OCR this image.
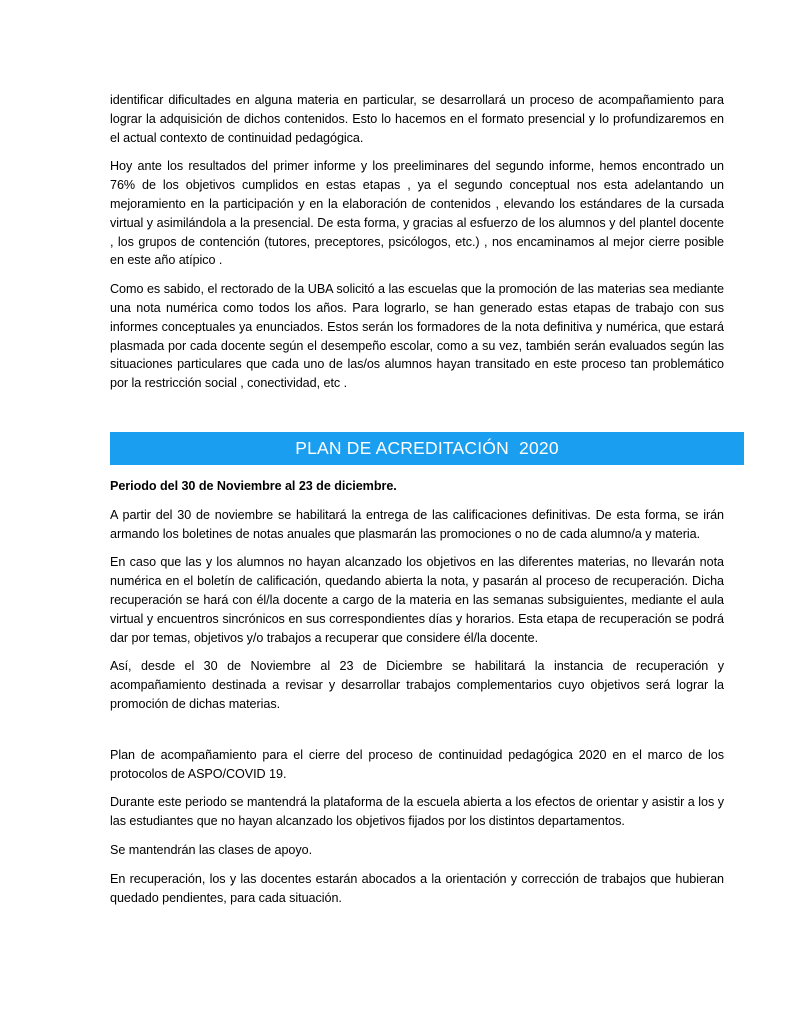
identificar dificultades en alguna materia en particular, se desarrollará un proceso de acompañamiento para lograr la adquisición de dichos contenidos. Esto lo hacemos en el formato presencial y lo profundizaremos en el actual contexto de continuidad pedagógica.

Hoy ante los resultados del primer informe y los preeliminares del segundo informe, hemos encontrado un 76% de los objetivos cumplidos en estas etapas , ya el segundo conceptual nos esta adelantando un mejoramiento en la participación y en la elaboración de contenidos , elevando los estándares de la cursada virtual y asimilándola a la presencial. De esta forma, y gracias al esfuerzo de los alumnos y del plantel docente , los grupos de contención (tutores, preceptores, psicólogos, etc.) , nos encaminamos al mejor cierre posible en este año atípico .

Como es sabido, el rectorado de la UBA solicitó a las escuelas que la promoción de las materias sea mediante una nota numérica como todos los años. Para lograrlo, se han generado estas etapas de trabajo con sus informes conceptuales ya enunciados. Estos serán los formadores de la nota definitiva y numérica, que estará plasmada por cada docente según el desempeño escolar, como a su vez, también serán evaluados según las situaciones particulares que cada uno de las/os alumnos hayan transitado en este proceso tan problemático por la restricción social , conectividad, etc .

PLAN DE ACREDITACIÓN  2020

Periodo del 30 de Noviembre al 23 de diciembre.

A partir del 30 de noviembre se habilitará la entrega de las calificaciones definitivas. De esta forma, se irán armando los boletines de notas anuales que plasmarán las promociones o no de cada alumno/a y materia.

En caso que las y los alumnos no hayan alcanzado los objetivos en las diferentes materias, no llevarán nota numérica en el boletín de calificación, quedando abierta la nota, y pasarán al proceso de recuperación. Dicha recuperación se hará con él/la docente a cargo de la materia en las semanas subsiguientes, mediante el aula virtual y encuentros sincrónicos en sus correspondientes días y horarios. Esta etapa de recuperación se podrá dar por temas, objetivos y/o trabajos a recuperar que considere él/la docente.

Así, desde el 30 de Noviembre al 23 de Diciembre se habilitará la instancia de recuperación y acompañamiento destinada a revisar y desarrollar trabajos complementarios cuyo objetivos será lograr la promoción de dichas materias.

Plan de acompañamiento para el cierre del proceso de continuidad pedagógica 2020 en el marco de los protocolos de ASPO/COVID 19.

Durante este periodo se mantendrá la plataforma de la escuela abierta a los efectos de orientar y asistir a los y las estudiantes que no hayan alcanzado los objetivos fijados por los distintos departamentos.

Se mantendrán las clases de apoyo.

En recuperación, los y las docentes estarán abocados a la orientación y corrección de trabajos que hubieran quedado pendientes, para cada situación.
